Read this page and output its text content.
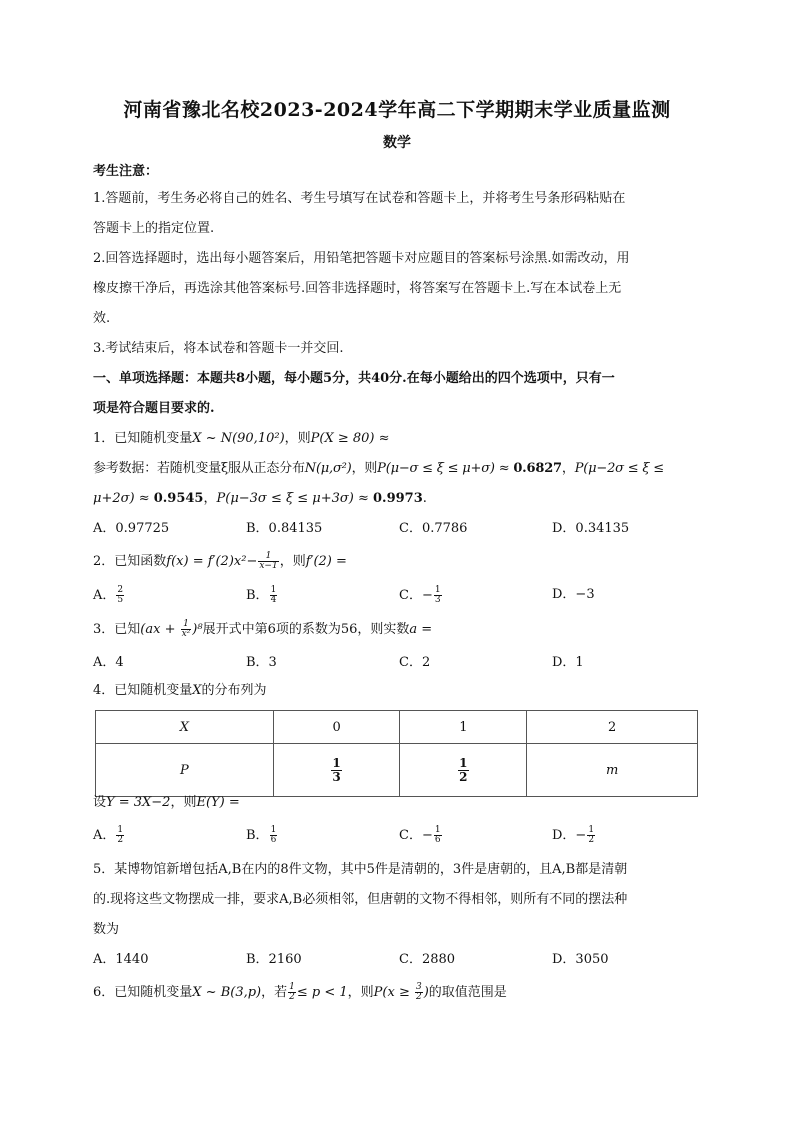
河南省豫北名校2023-2024学年高二下学期期末学业质量监测
数学
考生注意：
1.答题前，考生务必将自己的姓名、考生号填写在试卷和答题卡上，并将考生号条形码粘贴在
答题卡上的指定位置.
2.回答选择题时，选出每小题答案后，用铅笔把答题卡对应题目的答案标号涂黑.如需改动，用
橡皮擦干净后，再选涂其他答案标号.回答非选择题时，将答案写在答题卡上.写在本试卷上无
效.
3.考试结束后，将本试卷和答题卡一并交回.
一、单项选择题：本题共8小题，每小题5分，共40分.在每小题给出的四个选项中，只有一
项是符合题目要求的.
1．已知随机变量X ~ N(90,10²)，则P(X ≥ 80) ≈
参考数据：若随机变量ξ服从正态分布N(μ,σ²)，则P(μ−σ ≤ ξ ≤ μ+σ) ≈ 0.6827，P(μ−2σ ≤ ξ ≤
μ+2σ) ≈ 0.9545，P(μ−3σ ≤ ξ ≤ μ+3σ) ≈ 0.9973.
A．0.97725	B．0.84135	C．0.7786	D．0.34135
2．已知函数$f(x) = f'(2)x^2- \frac{1}{x-1}$ ，则f′(2) =
A． $\frac{2}{5}$	B． $\frac{1}{4}$	C．− $\frac{1}{3}$	D．−3
3．已知$(ax + \frac{1}{\text{x²}} )^8$展开式中第6项的系数为56，则实数a =
A．4	B．3	C．2	D．1
4．已知随机变量X的分布列为
X	0	1	2
P	$\frac{1}{3}$	$\frac{1}{2}$	m
设Y = 3X−2，则E(Y) =
A． $\frac{1}{2}$	B． $\frac{1}{6}$	C．− $\frac{1}{6}$	D．− $\frac{1}{2}$
5．某博物馆新增包括A,B在内的8件文物，其中5件是清朝的，3件是唐朝的，且A,B都是清朝
的.现将这些文物摆成一排，要求A,B必须相邻，但唐朝的文物不得相邻，则所有不同的摆法种
数为
A．1440	B．2160	C．2880	D．3050
6．已知随机变量X ~ B(3,p)，若 $\frac{1}{2} \le p < 1$，则$P(x \ge \frac{3}{2}$ )的取值范围是
